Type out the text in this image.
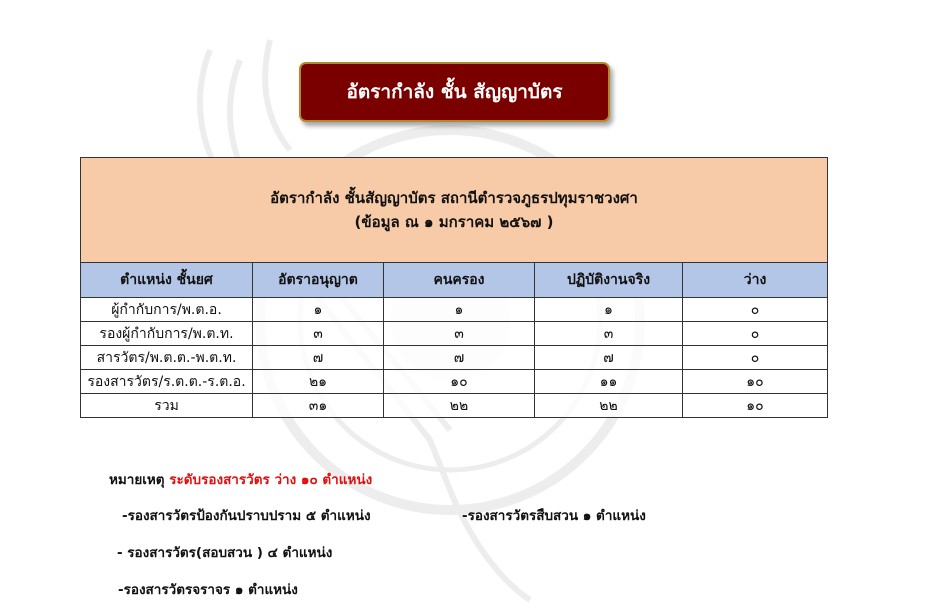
อัตรากำลัง ชั้น สัญญาบัตร
อัตรากำลัง ชั้นสัญญาบัตร สถานีตำรวจภูธรปทุมราชวงศา
(ข้อมูล ณ ๑ มกราคม ๒๕๖๗ )				

ตำแหน่ง ชั้นยศ	อัตราอนุญาต	คนครอง	ปฏิบัติงานจริง	ว่าง
ผู้กำกับการ/พ.ต.อ.	๑	๑	๑	๐
รองผู้กำกับการ/พ.ต.ท.	๓	๓	๓	๐
สารวัตร/พ.ต.ต.-พ.ต.ท.	๗	๗	๗	๐
รองสารวัตร/ร.ต.ต.-ร.ต.อ.	๒๑	๑๐	๑๑	๑๐
รวม	๓๑	๒๒	๒๒	๑๐
หมายเหตุ ระดับรองสารวัตร ว่าง ๑๐ ตำแหน่ง
-รองสารวัตรป้องกันปราบปราม ๕ ตำแหน่ง	-รองสารวัตรสืบสวน ๑ ตำแหน่ง
- รองสารวัตร(สอบสวน ) ๔ ตำแหน่ง
-รองสารวัตรจราจร ๑ ตำแหน่ง
